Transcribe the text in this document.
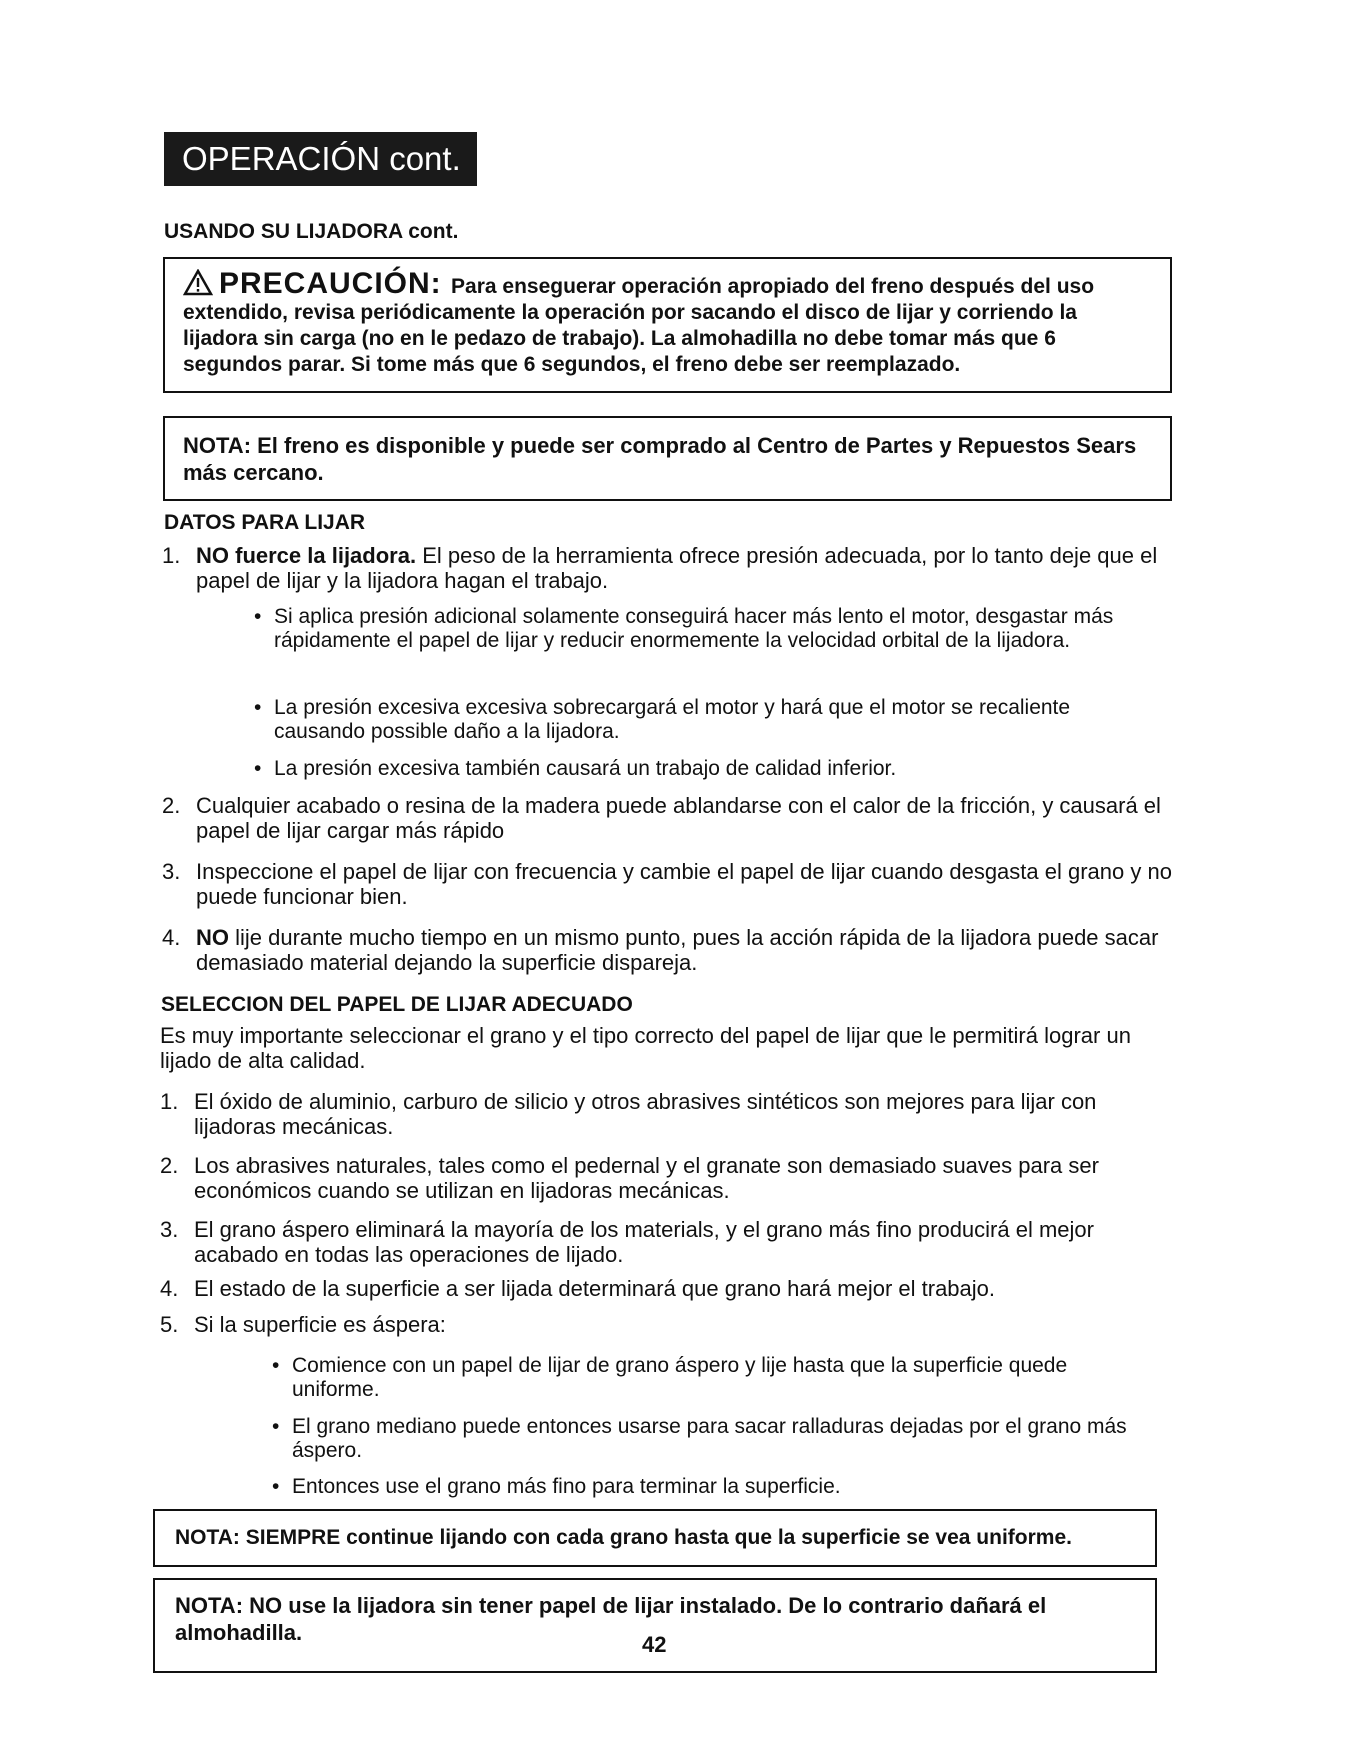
OPERACIÓN cont.
USANDO SU LIJADORA cont.
PRECAUCIÓN: Para enseguerar operación apropiado del freno después del uso extendido, revisa periódicamente la operación por sacando el disco de lijar y corriendo la lijadora sin carga (no en le pedazo de trabajo). La almohadilla no debe tomar más que 6 segundos parar. Si tome más que 6 segundos, el freno debe ser reemplazado.
NOTA: El freno es disponible y puede ser comprado al Centro de Partes y Repuestos Sears más cercano.
DATOS PARA LIJAR
1. NO fuerce la lijadora. El peso de la herramienta ofrece presión adecuada, por lo tanto deje que el papel de lijar y la lijadora hagan el trabajo.
• Si aplica presión adicional solamente conseguirá hacer más lento el motor, desgastar más rápidamente el papel de lijar y reducir enormemente la velocidad orbital de la lijadora.
• La presión excesiva excesiva sobrecargará el motor y hará que el motor se recaliente causando possible daño a la lijadora.
• La presión excesiva también causará un trabajo de calidad inferior.
2. Cualquier acabado o resina de la madera puede ablandarse con el calor de la fricción, y causará el papel de lijar cargar más rápido
3. Inspeccione el papel de lijar con frecuencia y cambie el papel de lijar cuando desgasta el grano y no puede funcionar bien.
4. NO lije durante mucho tiempo en un mismo punto, pues la acción rápida de la lijadora puede sacar demasiado material dejando la superficie dispareja.
SELECCION DEL PAPEL DE LIJAR ADECUADO
Es muy importante seleccionar el grano y el tipo correcto del papel de lijar que le permitirá lograr un lijado de alta calidad.
1. El óxido de aluminio, carburo de silicio y otros abrasives sintéticos son mejores para lijar con lijadoras mecánicas.
2. Los abrasives naturales, tales como el pedernal y el granate son demasiado suaves para ser económicos cuando se utilizan en lijadoras mecánicas.
3. El grano áspero eliminará la mayoría de los materials, y el grano más fino producirá el mejor acabado en todas las operaciones de lijado.
4. El estado de la superficie a ser lijada determinará que grano hará mejor el trabajo.
5. Si la superficie es áspera:
• Comience con un papel de lijar de grano áspero y lije hasta que la superficie quede uniforme.
• El grano mediano puede entonces usarse para sacar ralladuras dejadas por el grano más áspero.
• Entonces use el grano más fino para terminar la superficie.
NOTA: SIEMPRE continue lijando con cada grano hasta que la superficie se vea uniforme.
NOTA: NO use la lijadora sin tener papel de lijar instalado. De lo contrario dañará el almohadilla.	42
